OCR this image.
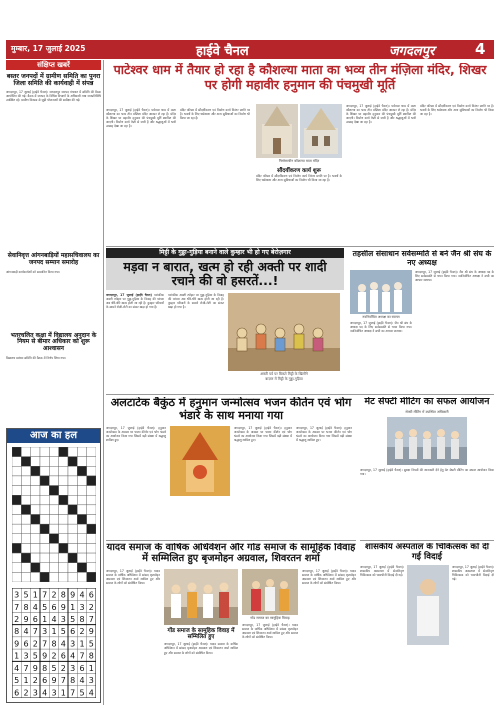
मुम्बार, 17 जुलाई 2025	हाईवे चैनल	जगदलपुर	4
संक्षिप्त खबरें
बस्तर जनपदों में ग्रामीण समिति का पुनरा जिला समिति की कार्यवाही में संपन्न
जगदलपुर, 17 जुलाई (हाईवे चैनल)। जगदलपुर जनपद पंचायत में समिति की बैठक आयोजित की गई। बैठक में जनपद के विभिन्न विभागों के अधिकारी तथा जनप्रतिनिधि उपस्थित रहे। ग्रामीण विकास से जुड़ी योजनाओं की समीक्षा की गई।
सेवानिवृत्त आंगनबाड़ियों महासचिवालय का जनपद सम्मान समारोह
आंगनबाड़ी कार्यकर्ताओं को सम्मानित किया गया।
भतरचलित कक्षा में विद्यालय अनुदान के नियम से बीमार अधिकार को शुरू आश्वासन
विद्यालय प्रबंधन समिति की बैठक में निर्णय लिया गया।
आज का हल
3 5 1 7 2 8 9 4 6
7 8 4 5 6 9 1 3 2
2 9 6 1 4 3 5 8 7
8 4 7 3 1 5 6 2 9
9 6 2 7 8 4 3 1 5
1 3 5 9 2 6 4 7 8
4 7 9 8 5 2 3 6 1
5 1 2 6 9 7 8 4 3
6 2 3 4 3 1 7 5 4
पाटेश्वर धाम में तैयार हो रहा है कौशल्या माता का भव्य तीन मंज़िला मंदिर, शिखर पर होगी महावीर हनुमान की पंचमुखी मूर्ति
जगदलपुर, 17 जुलाई (हाईवे चैनल)। पाटेश्वर धाम में माता कौशल्या का भव्य तीन मंज़िला मंदिर आकार ले रहा है। मंदिर के शिखर पर महावीर हनुमान की पंचमुखी मूर्ति स्थापित की जाएगी। निर्माण कार्य तेज़ी से जारी है और श्रद्धालुओं में भारी उत्साह देखा जा रहा है।
मंदिर परिसर में सौंदर्यीकरण एवं निर्माण कार्य निरंतर प्रगति पर है। भक्तों के लिए धर्मशाला और अन्य सुविधाओं का निर्माण भी किया जा रहा है।
निर्माणाधीन कौशल्या माता मंदिर
सौंदर्यीकरण कार्य शुरू
मंदिर परिसर में सौंदर्यीकरण एवं निर्माण कार्य निरंतर प्रगति पर है। भक्तों के लिए धर्मशाला और अन्य सुविधाओं का निर्माण भी किया जा रहा है।
जगदलपुर, 17 जुलाई (हाईवे चैनल)। पाटेश्वर धाम में माता कौशल्या का भव्य तीन मंज़िला मंदिर आकार ले रहा है। मंदिर के शिखर पर महावीर हनुमान की पंचमुखी मूर्ति स्थापित की जाएगी। निर्माण कार्य तेज़ी से जारी है और श्रद्धालुओं में भारी उत्साह देखा जा रहा है।
मंदिर परिसर में सौंदर्यीकरण एवं निर्माण कार्य निरंतर प्रगति पर है। भक्तों के लिए धर्मशाला और अन्य सुविधाओं का निर्माण भी किया जा रहा है।
मिट्टी के गुड्डा-गुड़िया बनाने वाले कुम्हार भी हो गए बेरोज़गार
मड़वा न बारात, खत्म हो रही अक्ती पर शादी रचाने की वो हसरतें...!
जगदलपुर, 17 जुलाई (हाईवे चैनल) पारंपरिक अक्ती त्योहार पर गुड्डा-गुड़िया के विवाह की परंपरा अब धीरे-धीरे खत्म होती जा रही है। कुम्हार परिवारों के सामने रोज़ी-रोटी का संकट खड़ा हो गया है।
पारंपरिक अक्ती त्योहार पर गुड्डा-गुड़िया के विवाह की परंपरा अब धीरे-धीरे खत्म होती जा रही है। कुम्हार परिवारों के सामने रोज़ी-रोटी का संकट खड़ा हो गया है।
अक्ती पर्व पर बिकते मिट्टी के खिलौने
बाज़ार में मिट्टी के गुड्डा-गुड़िया
तहसील संसाधान सर्वसम्मति से बने जैन श्री संघ के नए अध्यक्ष
नवनिर्वाचित अध्यक्ष का स्वागत
जगदलपुर, 17 जुलाई (हाईवे चैनल)। जैन श्री संघ के अध्यक्ष पद के लिए सर्वसम्मति से चयन किया गया। नवनिर्वाचित अध्यक्ष ने सभी का आभार जताया।
जगदलपुर, 17 जुलाई (हाईवे चैनल)। जैन श्री संघ के अध्यक्ष पद के लिए सर्वसम्मति से चयन किया गया। नवनिर्वाचित अध्यक्ष ने सभी का आभार जताया।
अलटाटेक बैकुंठ में हनुमान जन्मोत्सव भजन कीर्तन एवं भोग भंडारे के साथ मनाया गया
जगदलपुर, 17 जुलाई (हाईवे चैनल)। हनुमान जन्मोत्सव के अवसर पर भजन कीर्तन एवं भोग भंडारे का आयोजन किया गया जिसमें बड़ी संख्या में श्रद्धालु शामिल हुए।
जगदलपुर, 17 जुलाई (हाईवे चैनल)। हनुमान जन्मोत्सव के अवसर पर भजन कीर्तन एवं भोग भंडारे का आयोजन किया गया जिसमें बड़ी संख्या में श्रद्धालु शामिल हुए।
जगदलपुर, 17 जुलाई (हाईवे चैनल)। हनुमान जन्मोत्सव के अवसर पर भजन कीर्तन एवं भोग भंडारे का आयोजन किया गया जिसमें बड़ी संख्या में श्रद्धालु शामिल हुए।
मेट सेफ्टी मीटिंग का सफल आयोजन
सेफ्टी मीटिंग में उपस्थित अधिकारी
जगदलपुर, 17 जुलाई (हाईवे चैनल)। सुरक्षा नियमों की जानकारी देने हेतु मेट सेफ्टी मीटिंग का सफल आयोजन किया गया।
शासकीय अस्पताल के चिकित्सक को दी गई विदाई
जगदलपुर, 17 जुलाई (हाईवे चैनल)। शासकीय अस्पताल में सेवानिवृत्त चिकित्सक को भावभीनी विदाई दी गई।
जगदलपुर, 17 जुलाई (हाईवे चैनल)। शासकीय अस्पताल में सेवानिवृत्त चिकित्सक को भावभीनी विदाई दी गई।
यादव समाज के वार्षिक अधिवेशन और गोंड समाज के सामूहिक विवाह में सम्मिलित हुए बृजमोहन अग्रवाल, शिवरतन शर्मा
जगदलपुर, 17 जुलाई (हाईवे चैनल)। यादव समाज के वार्षिक अधिवेशन में सांसद बृजमोहन अग्रवाल एवं शिवरतन शर्मा शामिल हुए और समाज के लोगों को संबोधित किया।
गोंड समाज के सामूहिक विवाह में सम्मिलित हुए
जगदलपुर, 17 जुलाई (हाईवे चैनल)। यादव समाज के वार्षिक अधिवेशन में सांसद बृजमोहन अग्रवाल एवं शिवरतन शर्मा शामिल हुए और समाज के लोगों को संबोधित किया।
गोंड समाज का सामूहिक विवाह
जगदलपुर, 17 जुलाई (हाईवे चैनल)। यादव समाज के वार्षिक अधिवेशन में सांसद बृजमोहन अग्रवाल एवं शिवरतन शर्मा शामिल हुए और समाज के लोगों को संबोधित किया।
जगदलपुर, 17 जुलाई (हाईवे चैनल)। यादव समाज के वार्षिक अधिवेशन में सांसद बृजमोहन अग्रवाल एवं शिवरतन शर्मा शामिल हुए और समाज के लोगों को संबोधित किया।
